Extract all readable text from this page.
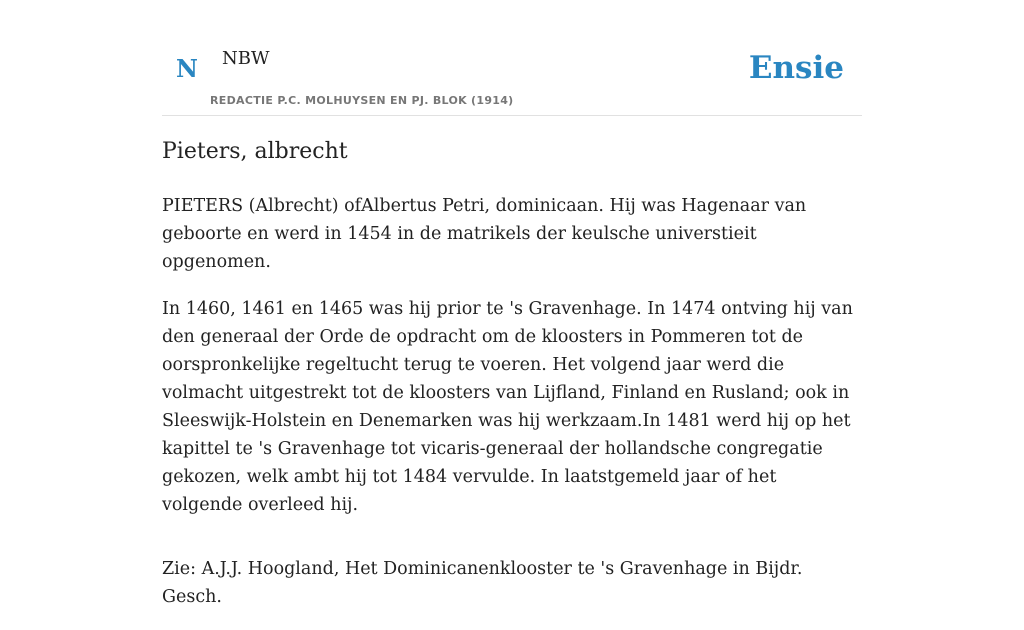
N NBW
REDACTIE P.C. MOLHUYSEN EN PJ. BLOK (1914)
Ensie
Pieters, albrecht

PIETERS (Albrecht) ofAlbertus Petri, dominicaan. Hij was Hagenaar van geboorte en werd in 1454 in de matrikels der keulsche universtieit opgenomen.

In 1460, 1461 en 1465 was hij prior te 's Gravenhage. In 1474 ontving hij van den generaal der Orde de opdracht om de kloosters in Pommeren tot de oorspronkelijke regeltucht terug te voeren. Het volgend jaar werd die volmacht uitgestrekt tot de kloosters van Lijfland, Finland en Rusland; ook in Sleeswijk-Holstein en Denemarken was hij werkzaam.In 1481 werd hij op het kapittel te 's Gravenhage tot vicaris-generaal der hollandsche congregatie gekozen, welk ambt hij tot 1484 vervulde. In laatstgemeld jaar of het volgende overleed hij.

Zie: A.J.J. Hoogland, Het Dominicanenklooster te 's Gravenhage in Bijdr. Gesch.
